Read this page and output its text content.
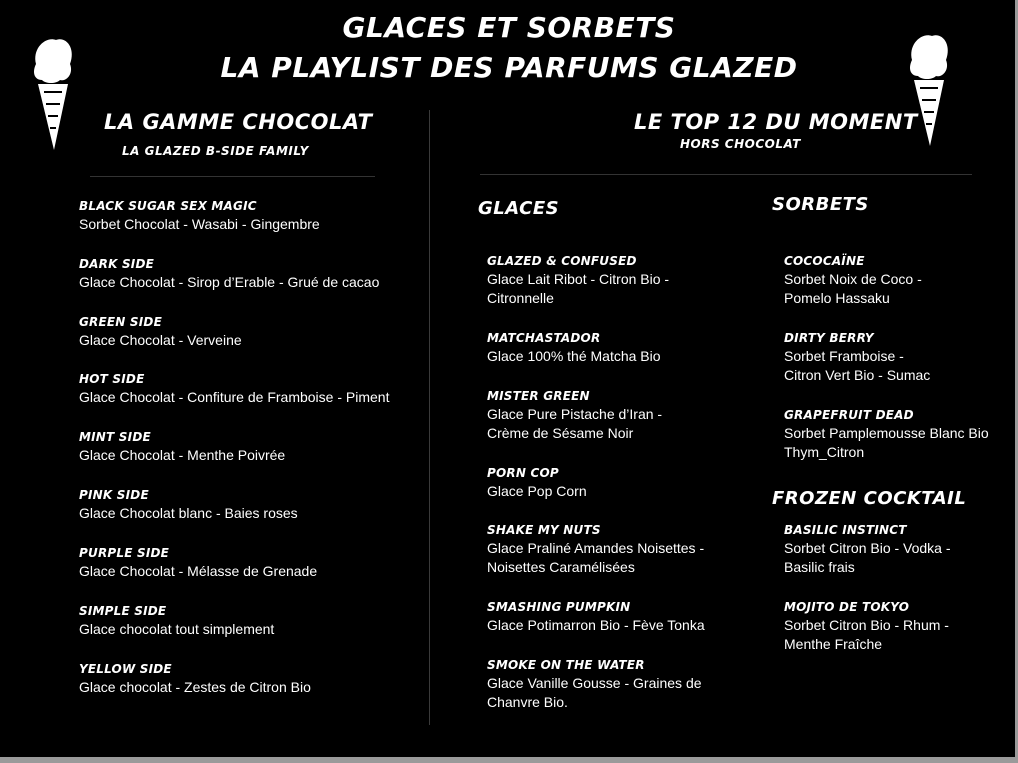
GLACES ET SORBETS
LA PLAYLIST DES PARFUMS GLAZED
LA GAMME CHOCOLAT
LA GLAZED B-SIDE FAMILY
LE TOP 12 DU MOMENT
HORS CHOCOLAT
GLACES	SORBETS
FROZEN COCKTAIL
BLACK SUGAR SEX MAGIC
Sorbet Chocolat - Wasabi - Gingembre
DARK SIDE
Glace Chocolat - Sirop d’Erable - Grué de cacao
GREEN SIDE
Glace Chocolat - Verveine
HOT SIDE
Glace Chocolat - Confiture de Framboise - Piment
MINT SIDE
Glace Chocolat - Menthe Poivrée
PINK SIDE
Glace Chocolat blanc - Baies roses
PURPLE SIDE
Glace Chocolat - Mélasse de Grenade
SIMPLE SIDE
Glace chocolat tout simplement
YELLOW SIDE
Glace chocolat - Zestes de Citron Bio
GLAZED & CONFUSED
Glace Lait Ribot - Citron Bio -
Citronnelle
MATCHASTADOR
Glace 100% thé Matcha Bio
MISTER GREEN
Glace Pure Pistache d’Iran -
Crème de Sésame Noir
PORN COP
Glace Pop Corn
SHAKE MY NUTS
Glace Praliné Amandes Noisettes -
Noisettes Caramélisées
SMASHING PUMPKIN
Glace Potimarron Bio - Fève Tonka
SMOKE ON THE WATER
Glace Vanille Gousse - Graines de
Chanvre Bio.
COCOCAÏNE
Sorbet Noix de Coco -
Pomelo Hassaku
DIRTY BERRY
Sorbet Framboise -
Citron Vert Bio - Sumac
GRAPEFRUIT DEAD
Sorbet Pamplemousse Blanc Bio
Thym_Citron
BASILIC INSTINCT
Sorbet Citron Bio - Vodka -
Basilic frais
MOJITO DE TOKYO
Sorbet Citron Bio - Rhum -
Menthe Fraîche
